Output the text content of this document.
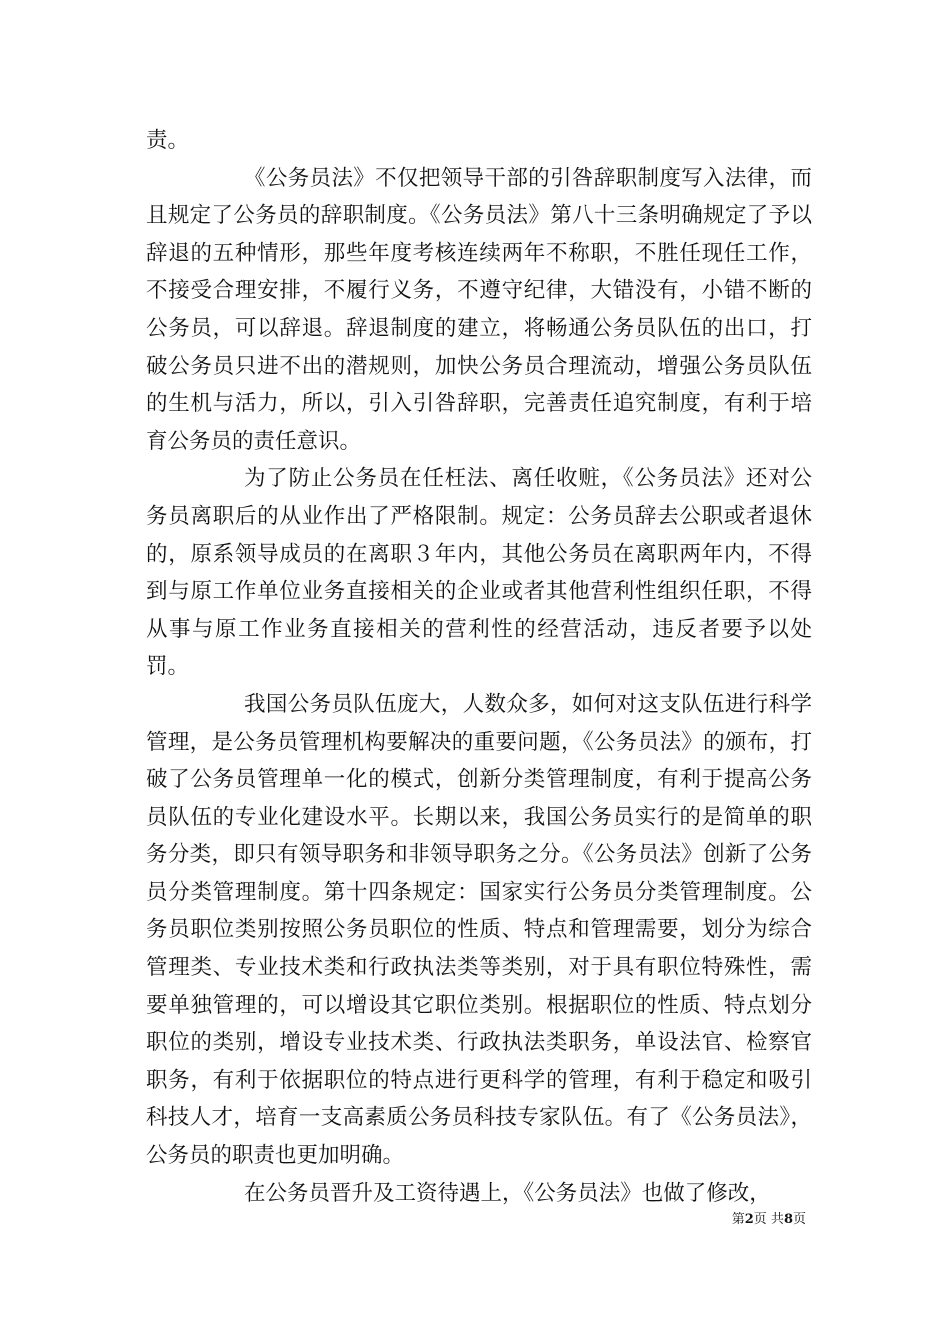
责。

《公务员法》不仅把领导干部的引咎辞职制度写入法律，而且规定了公务员的辞职制度。《公务员法》第八十三条明确规定了予以辞退的五种情形，那些年度考核连续两年不称职，不胜任现任工作，不接受合理安排，不履行义务，不遵守纪律，大错没有，小错不断的公务员，可以辞退。辞退制度的建立，将畅通公务员队伍的出口，打破公务员只进不出的潜规则，加快公务员合理流动，增强公务员队伍的生机与活力，所以，引入引咎辞职，完善责任追究制度，有利于培育公务员的责任意识。

为了防止公务员在任枉法、离任收赃，《公务员法》还对公务员离职后的从业作出了严格限制。规定：公务员辞去公职或者退休的，原系领导成员的在离职３年内，其他公务员在离职两年内，不得到与原工作单位业务直接相关的企业或者其他营利性组织任职，不得从事与原工作业务直接相关的营利性的经营活动，违反者要予以处罚。

我国公务员队伍庞大，人数众多，如何对这支队伍进行科学管理，是公务员管理机构要解决的重要问题，《公务员法》的颁布，打破了公务员管理单一化的模式，创新分类管理制度，有利于提高公务员队伍的专业化建设水平。长期以来，我国公务员实行的是简单的职务分类，即只有领导职务和非领导职务之分。《公务员法》创新了公务员分类管理制度。第十四条规定：国家实行公务员分类管理制度。公务员职位类别按照公务员职位的性质、特点和管理需要，划分为综合管理类、专业技术类和行政执法类等类别，对于具有职位特殊性，需要单独管理的，可以增设其它职位类别。根据职位的性质、特点划分职位的类别，增设专业技术类、行政执法类职务，单设法官、检察官职务，有利于依据职位的特点进行更科学的管理，有利于稳定和吸引科技人才，培育一支高素质公务员科技专家队伍。有了《公务员法》，公务员的职责也更加明确。

在公务员晋升及工资待遇上，《公务员法》也做了修改，

第2页 共8页
